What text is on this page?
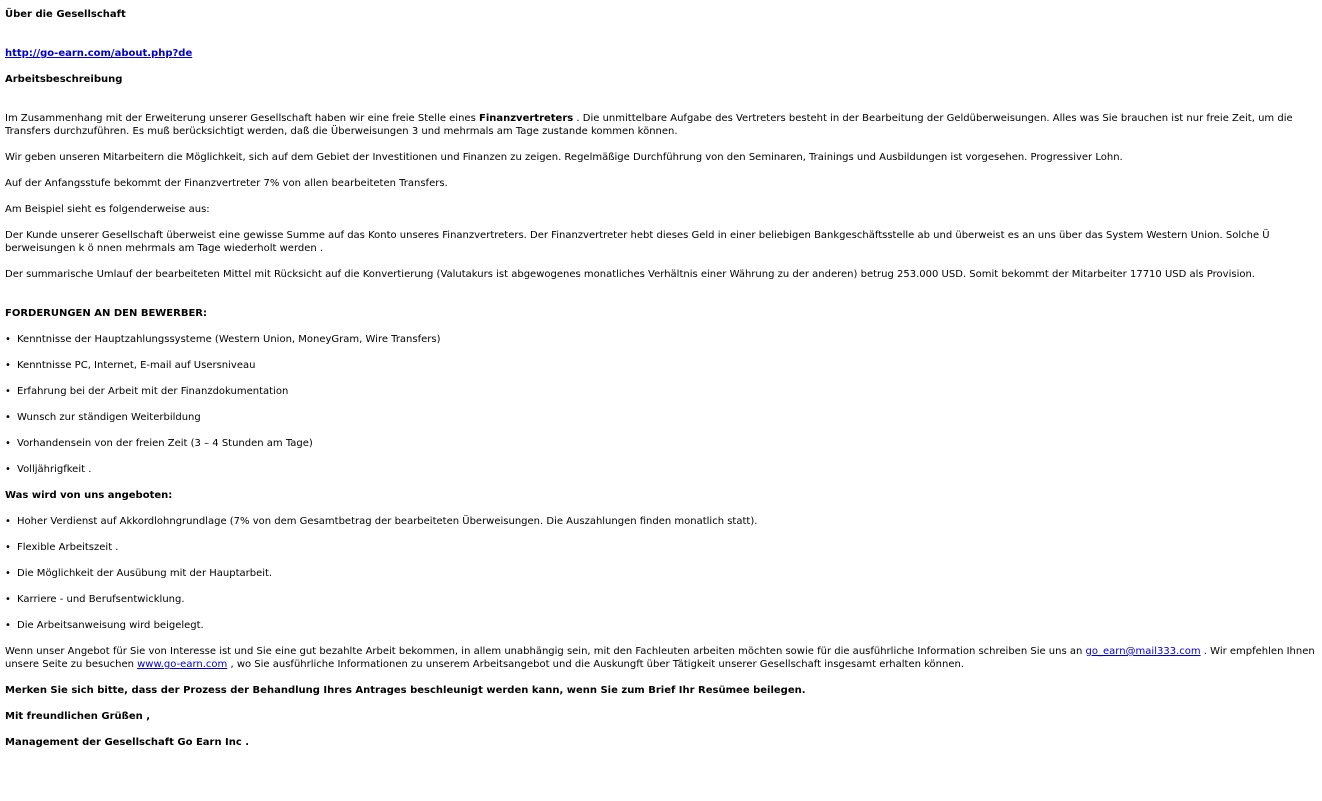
Über die Gesellschaft

http://go-earn.com/about.php?de

Arbeitsbeschreibung

Im Zusammenhang mit der Erweiterung unserer Gesellschaft haben wir eine freie Stelle eines Finanzvertreters . Die unmittelbare Aufgabe des Vertreters besteht in der Bearbeitung der Geldüberweisungen. Alles was Sie brauchen ist nur freie Zeit, um die Transfers durchzuführen. Es muß berücksichtigt werden, daß die Überweisungen 3 und mehrmals am Tage zustande kommen können.

Wir geben unseren Mitarbeitern die Möglichkeit, sich auf dem Gebiet der Investitionen und Finanzen zu zeigen. Regelmäßige Durchführung von den Seminaren, Trainings und Ausbildungen ist vorgesehen. Progressiver Lohn.

Auf der Anfangsstufe bekommt der Finanzvertreter 7% von allen bearbeiteten Transfers.

Am Beispiel sieht es folgenderweise aus:

Der Kunde unserer Gesellschaft überweist eine gewisse Summe auf das Konto unseres Finanzvertreters. Der Finanzvertreter hebt dieses Geld in einer beliebigen Bankgeschäftsstelle ab und überweist es an uns über das System Western Union. Solche Ü berweisungen k ö nnen mehrmals am Tage wiederholt werden .

Der summarische Umlauf der bearbeiteten Mittel mit Rücksicht auf die Konvertierung (Valutakurs ist abgewogenes monatliches Verhältnis einer Währung zu der anderen) betrug 253.000 USD. Somit bekommt der Mitarbeiter 17710 USD als Provision.

FORDERUNGEN AN DEN BEWERBER:

• Kenntnisse der Hauptzahlungssysteme (Western Union, MoneyGram, Wire Transfers)
• Kenntnisse PC, Internet, E-mail auf Usersniveau
• Erfahrung bei der Arbeit mit der Finanzdokumentation
• Wunsch zur ständigen Weiterbildung
• Vorhandensein von der freien Zeit (3 – 4 Stunden am Tage)
• Volljährigfkeit .

Was wird von uns angeboten:

• Hoher Verdienst auf Akkordlohngrundlage (7% von dem Gesamtbetrag der bearbeiteten Überweisungen. Die Auszahlungen finden monatlich statt).
• Flexible Arbeitszeit .
• Die Möglichkeit der Ausübung mit der Hauptarbeit.
• Karriere - und Berufsentwicklung.
• Die Arbeitsanweisung wird beigelegt.

Wenn unser Angebot für Sie von Interesse ist und Sie eine gut bezahlte Arbeit bekommen, in allem unabhängig sein, mit den Fachleuten arbeiten möchten sowie für die ausführliche Information schreiben Sie uns an go_earn@mail333.com . Wir empfehlen Ihnen unsere Seite zu besuchen www.go-earn.com , wo Sie ausführliche Informationen zu unserem Arbeitsangebot und die Auskungft über Tätigkeit unserer Gesellschaft insgesamt erhalten können.

Merken Sie sich bitte, dass der Prozess der Behandlung Ihres Antrages beschleunigt werden kann, wenn Sie zum Brief Ihr Resümee beilegen.

Mit freundlichen Grüßen ,

Management der Gesellschaft Go Earn Inc .
